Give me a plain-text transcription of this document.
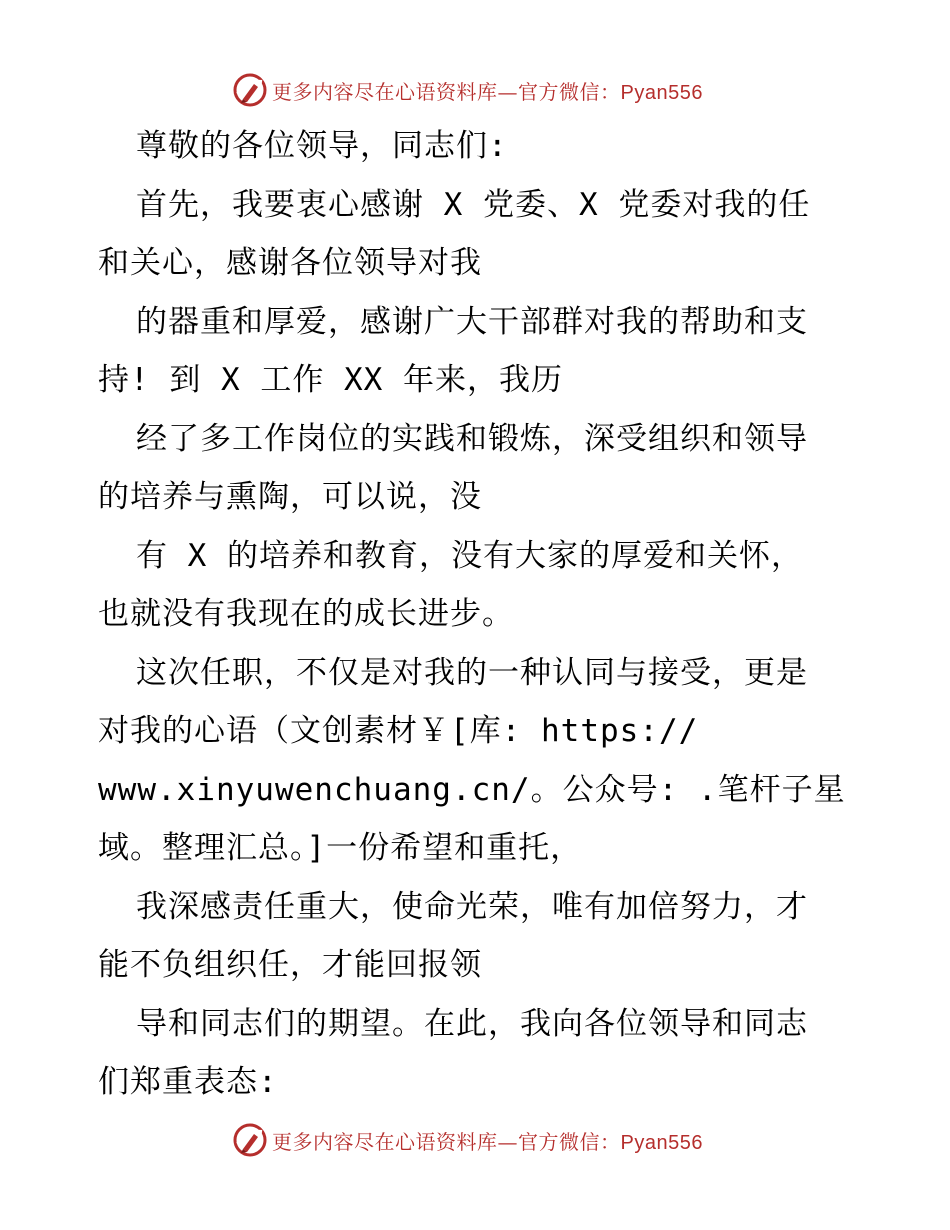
更多内容尽在心语资料库—官方微信：Pyan556
尊敬的各位领导，同志们:
首先，我要衷心感谢 X 党委、X 党委对我的任
和关心，感谢各位领导对我
的器重和厚爱，感谢广大干部群对我的帮助和支
持! 到 X 工作 XX 年来，我历
经了多工作岗位的实践和锻炼，深受组织和领导
的培养与熏陶，可以说，没
有 X 的培养和教育，没有大家的厚爱和关怀，
也就没有我现在的成长进步。
这次任职，不仅是对我的一种认同与接受，更是
对我的心语（文创素材￥[库: https://
www.xinyuwenchuang.cn/。公众号: .笔杆子星
域。整理汇总。]一份希望和重托，
我深感责任重大，使命光荣，唯有加倍努力，才
能不负组织任，才能回报领
导和同志们的期望。在此，我向各位领导和同志
们郑重表态:
更多内容尽在心语资料库—官方微信：Pyan556
